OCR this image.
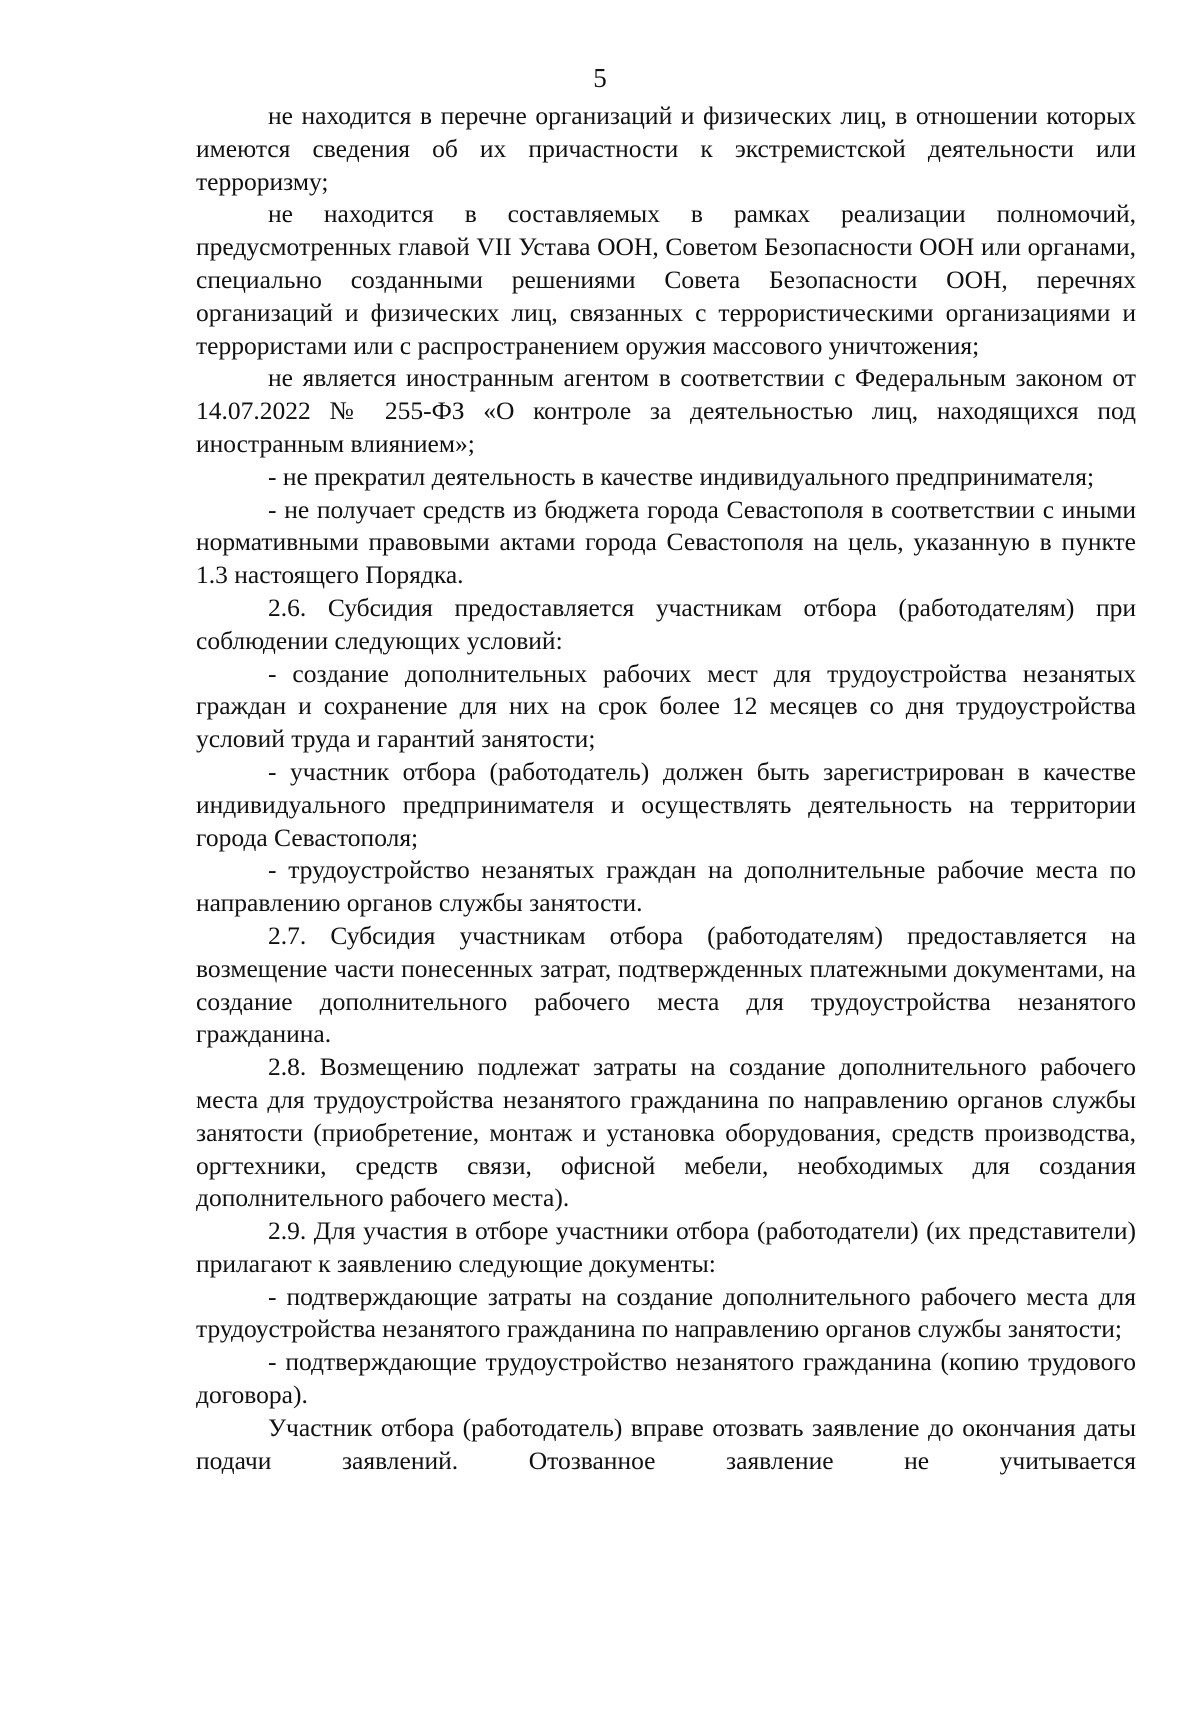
5

не находится в перечне организаций и физических лиц, в отношении которых имеются сведения об их причастности к экстремистской деятельности или терроризму;

не находится в составляемых в рамках реализации полномочий, предусмотренных главой VII Устава ООН, Советом Безопасности ООН или органами, специально созданными решениями Совета Безопасности ООН, перечнях организаций и физических лиц, связанных с террористическими организациями и террористами или с распространением оружия массового уничтожения;

не является иностранным агентом в соответствии с Федеральным законом от 14.07.2022 № 255-ФЗ «О контроле за деятельностью лиц, находящихся под иностранным влиянием»;

- не прекратил деятельность в качестве индивидуального предпринимателя;

- не получает средств из бюджета города Севастополя в соответствии с иными нормативными правовыми актами города Севастополя на цель, указанную в пункте 1.3 настоящего Порядка.

2.6. Субсидия предоставляется участникам отбора (работодателям) при соблюдении следующих условий:

- создание дополнительных рабочих мест для трудоустройства незанятых граждан и сохранение для них на срок более 12 месяцев со дня трудоустройства условий труда и гарантий занятости;

- участник отбора (работодатель) должен быть зарегистрирован в качестве индивидуального предпринимателя и осуществлять деятельность на территории города Севастополя;

- трудоустройство незанятых граждан на дополнительные рабочие места по направлению органов службы занятости.

2.7. Субсидия участникам отбора (работодателям) предоставляется на возмещение части понесенных затрат, подтвержденных платежными документами, на создание дополнительного рабочего места для трудоустройства незанятого гражданина.

2.8. Возмещению подлежат затраты на создание дополнительного рабочего места для трудоустройства незанятого гражданина по направлению органов службы занятости (приобретение, монтаж и установка оборудования, средств производства, оргтехники, средств связи, офисной мебели, необходимых для создания дополнительного рабочего места).

2.9. Для участия в отборе участники отбора (работодатели) (их представители) прилагают к заявлению следующие документы:

- подтверждающие затраты на создание дополнительного рабочего места для трудоустройства незанятого гражданина по направлению органов службы занятости;

- подтверждающие трудоустройство незанятого гражданина (копию трудового договора).

Участник отбора (работодатель) вправе отозвать заявление до окончания даты подачи заявлений. Отозванное заявление не учитывается
